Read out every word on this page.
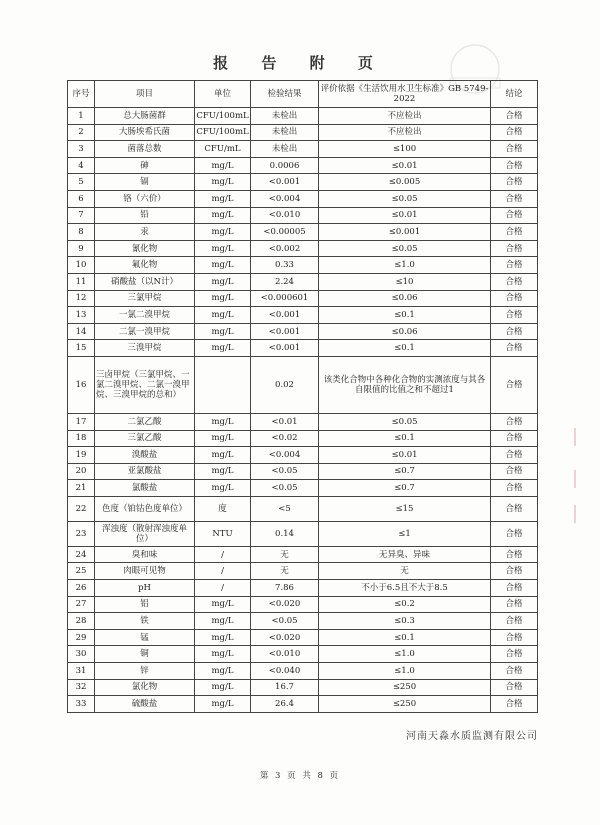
报 告 附 页
序号	项目	单位	检验结果	评价依据《生活饮用水卫生标准》GB 5749-2022	结论
1	总大肠菌群	CFU/100mL	未检出	不应检出	合格
2	大肠埃希氏菌	CFU/100mL	未检出	不应检出	合格
3	菌落总数	CFU/mL	未检出	≤100	合格
4	砷	mg/L	0.0006	≤0.01	合格
5	镉	mg/L	<0.001	≤0.005	合格
6	铬（六价）	mg/L	<0.004	≤0.05	合格
7	铅	mg/L	<0.010	≤0.01	合格
8	汞	mg/L	<0.00005	≤0.001	合格
9	氰化物	mg/L	<0.002	≤0.05	合格
10	氟化物	mg/L	0.33	≤1.0	合格
11	硝酸盐（以N计）	mg/L	2.24	≤10	合格
12	三氯甲烷	mg/L	<0.000601	≤0.06	合格
13	一氯二溴甲烷	mg/L	<0.001	≤0.1	合格
14	二氯一溴甲烷	mg/L	<0.001	≤0.06	合格
15	三溴甲烷	mg/L	<0.001	≤0.1	合格
16	三卤甲烷（三氯甲烷、一氯二溴甲烷、二氯一溴甲烷、三溴甲烷的总和）		0.02	该类化合物中各种化合物的实测浓度与其各自限值的比值之和不超过1	合格
17	二氯乙酸	mg/L	<0.01	≤0.05	合格
18	三氯乙酸	mg/L	<0.02	≤0.1	合格
19	溴酸盐	mg/L	<0.004	≤0.01	合格
20	亚氯酸盐	mg/L	<0.05	≤0.7	合格
21	氯酸盐	mg/L	<0.05	≤0.7	合格
22	色度（铂钴色度单位）	度	<5	≤15	合格
23	浑浊度（散射浑浊度单位）	NTU	0.14	≤1	合格
24	臭和味	/	无	无异臭、异味	合格
25	肉眼可见物	/	无	无	合格
26	pH	/	7.86	不小于6.5且不大于8.5	合格
27	铝	mg/L	<0.020	≤0.2	合格
28	铁	mg/L	<0.05	≤0.3	合格
29	锰	mg/L	<0.020	≤0.1	合格
30	铜	mg/L	<0.010	≤1.0	合格
31	锌	mg/L	<0.040	≤1.0	合格
32	氯化物	mg/L	16.7	≤250	合格
33	硫酸盐	mg/L	26.4	≤250	合格
河南天淼水质监测有限公司
第 3 页 共 8 页
